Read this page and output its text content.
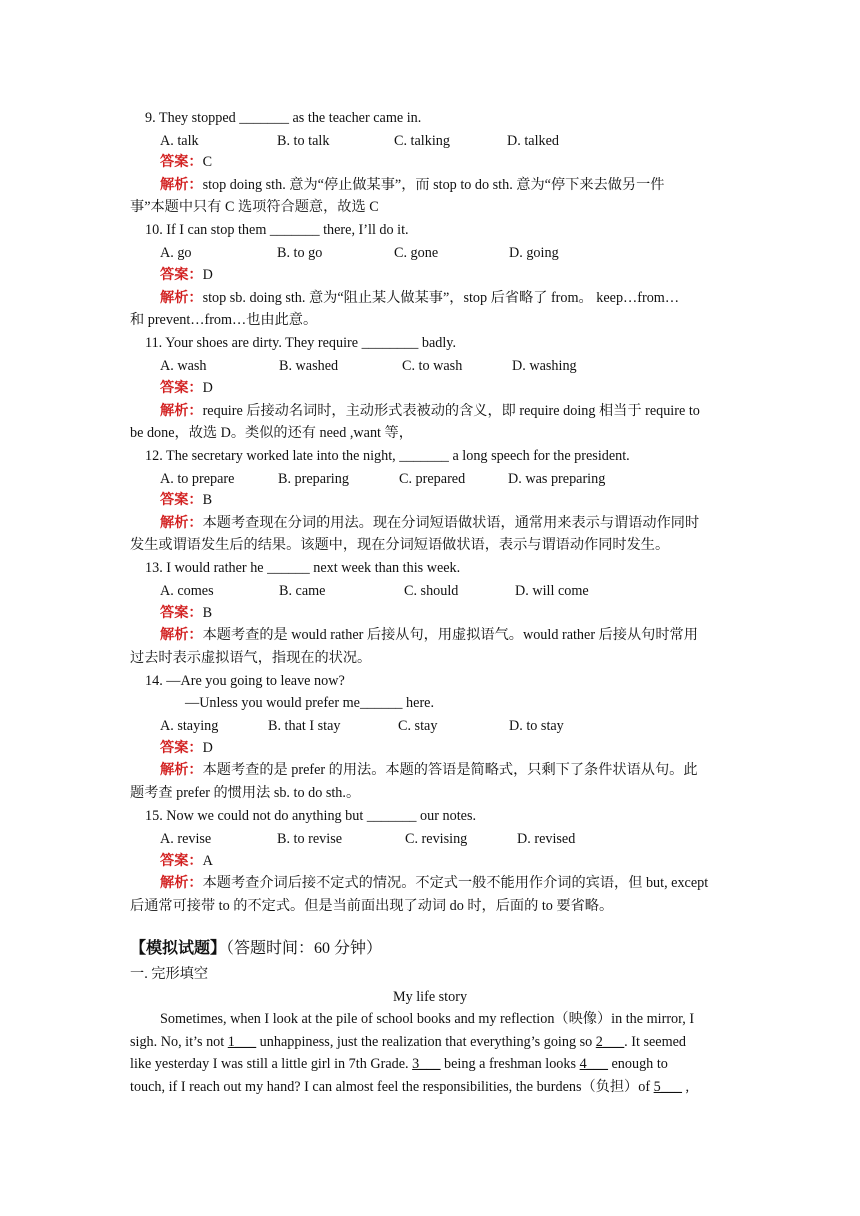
9. They stopped _______ as the teacher came in.
A. talk	B. to talk	C. talking	D. talked
答案：C
解析：stop doing sth. 意为“停止做某事”，而 stop to do sth. 意为“停下来去做另一件
事”本题中只有 C 选项符合题意，故选 C
10. If I can stop them _______ there, I’ll do it.
A. go	B. to go	C. gone	D. going
答案：D
解析：stop sb. doing sth. 意为“阻止某人做某事”，stop 后省略了 from。 keep…from…
和 prevent…from…也由此意。
11. Your shoes are dirty. They require ________ badly.
A. wash	B. washed	C. to wash	D. washing
答案：D
解析：require 后接动名词时，主动形式表被动的含义，即 require doing 相当于 require to
be done，故选 D。类似的还有 need ,want 等，
12. The secretary worked late into the night, _______ a long speech for the president.
A. to prepare	B. preparing	C. prepared	D. was preparing
答案：B
解析：本题考查现在分词的用法。现在分词短语做状语，通常用来表示与谓语动作同时
发生或谓语发生后的结果。该题中，现在分词短语做状语，表示与谓语动作同时发生。
13. I would rather he ______ next week than this week.
A. comes	B. came	C. should	D. will come
答案：B
解析：本题考查的是 would rather 后接从句，用虚拟语气。would rather 后接从句时常用
过去时表示虚拟语气，指现在的状况。
14. —Are you going to leave now?
—Unless you would prefer me______ here.
A. staying	B. that I stay	C. stay	D. to stay
答案：D
解析：本题考查的是 prefer 的用法。本题的答语是简略式，只剩下了条件状语从句。此
题考查 prefer 的惯用法 sb. to do sth.。
15. Now we could not do anything but _______ our notes.
A. revise	B. to revise	C. revising	D. revised
答案：A
解析：本题考查介词后接不定式的情况。不定式一般不能用作介词的宾语，但 but, except
后通常可接带 to 的不定式。但是当前面出现了动词 do 时，后面的 to 要省略。
【模拟试题】（答题时间：60 分钟）
一. 完形填空
My life story
Sometimes, when I look at the pile of school books and my reflection（映像）in the mirror, I
sigh. No, it’s not 1___ unhappiness, just the realization that everything’s going so 2___. It seemed
like yesterday I was still a little girl in 7th Grade. 3___ being a freshman looks 4___ enough to
touch, if I reach out my hand? I can almost feel the responsibilities, the burdens（负担）of 5___ ,
